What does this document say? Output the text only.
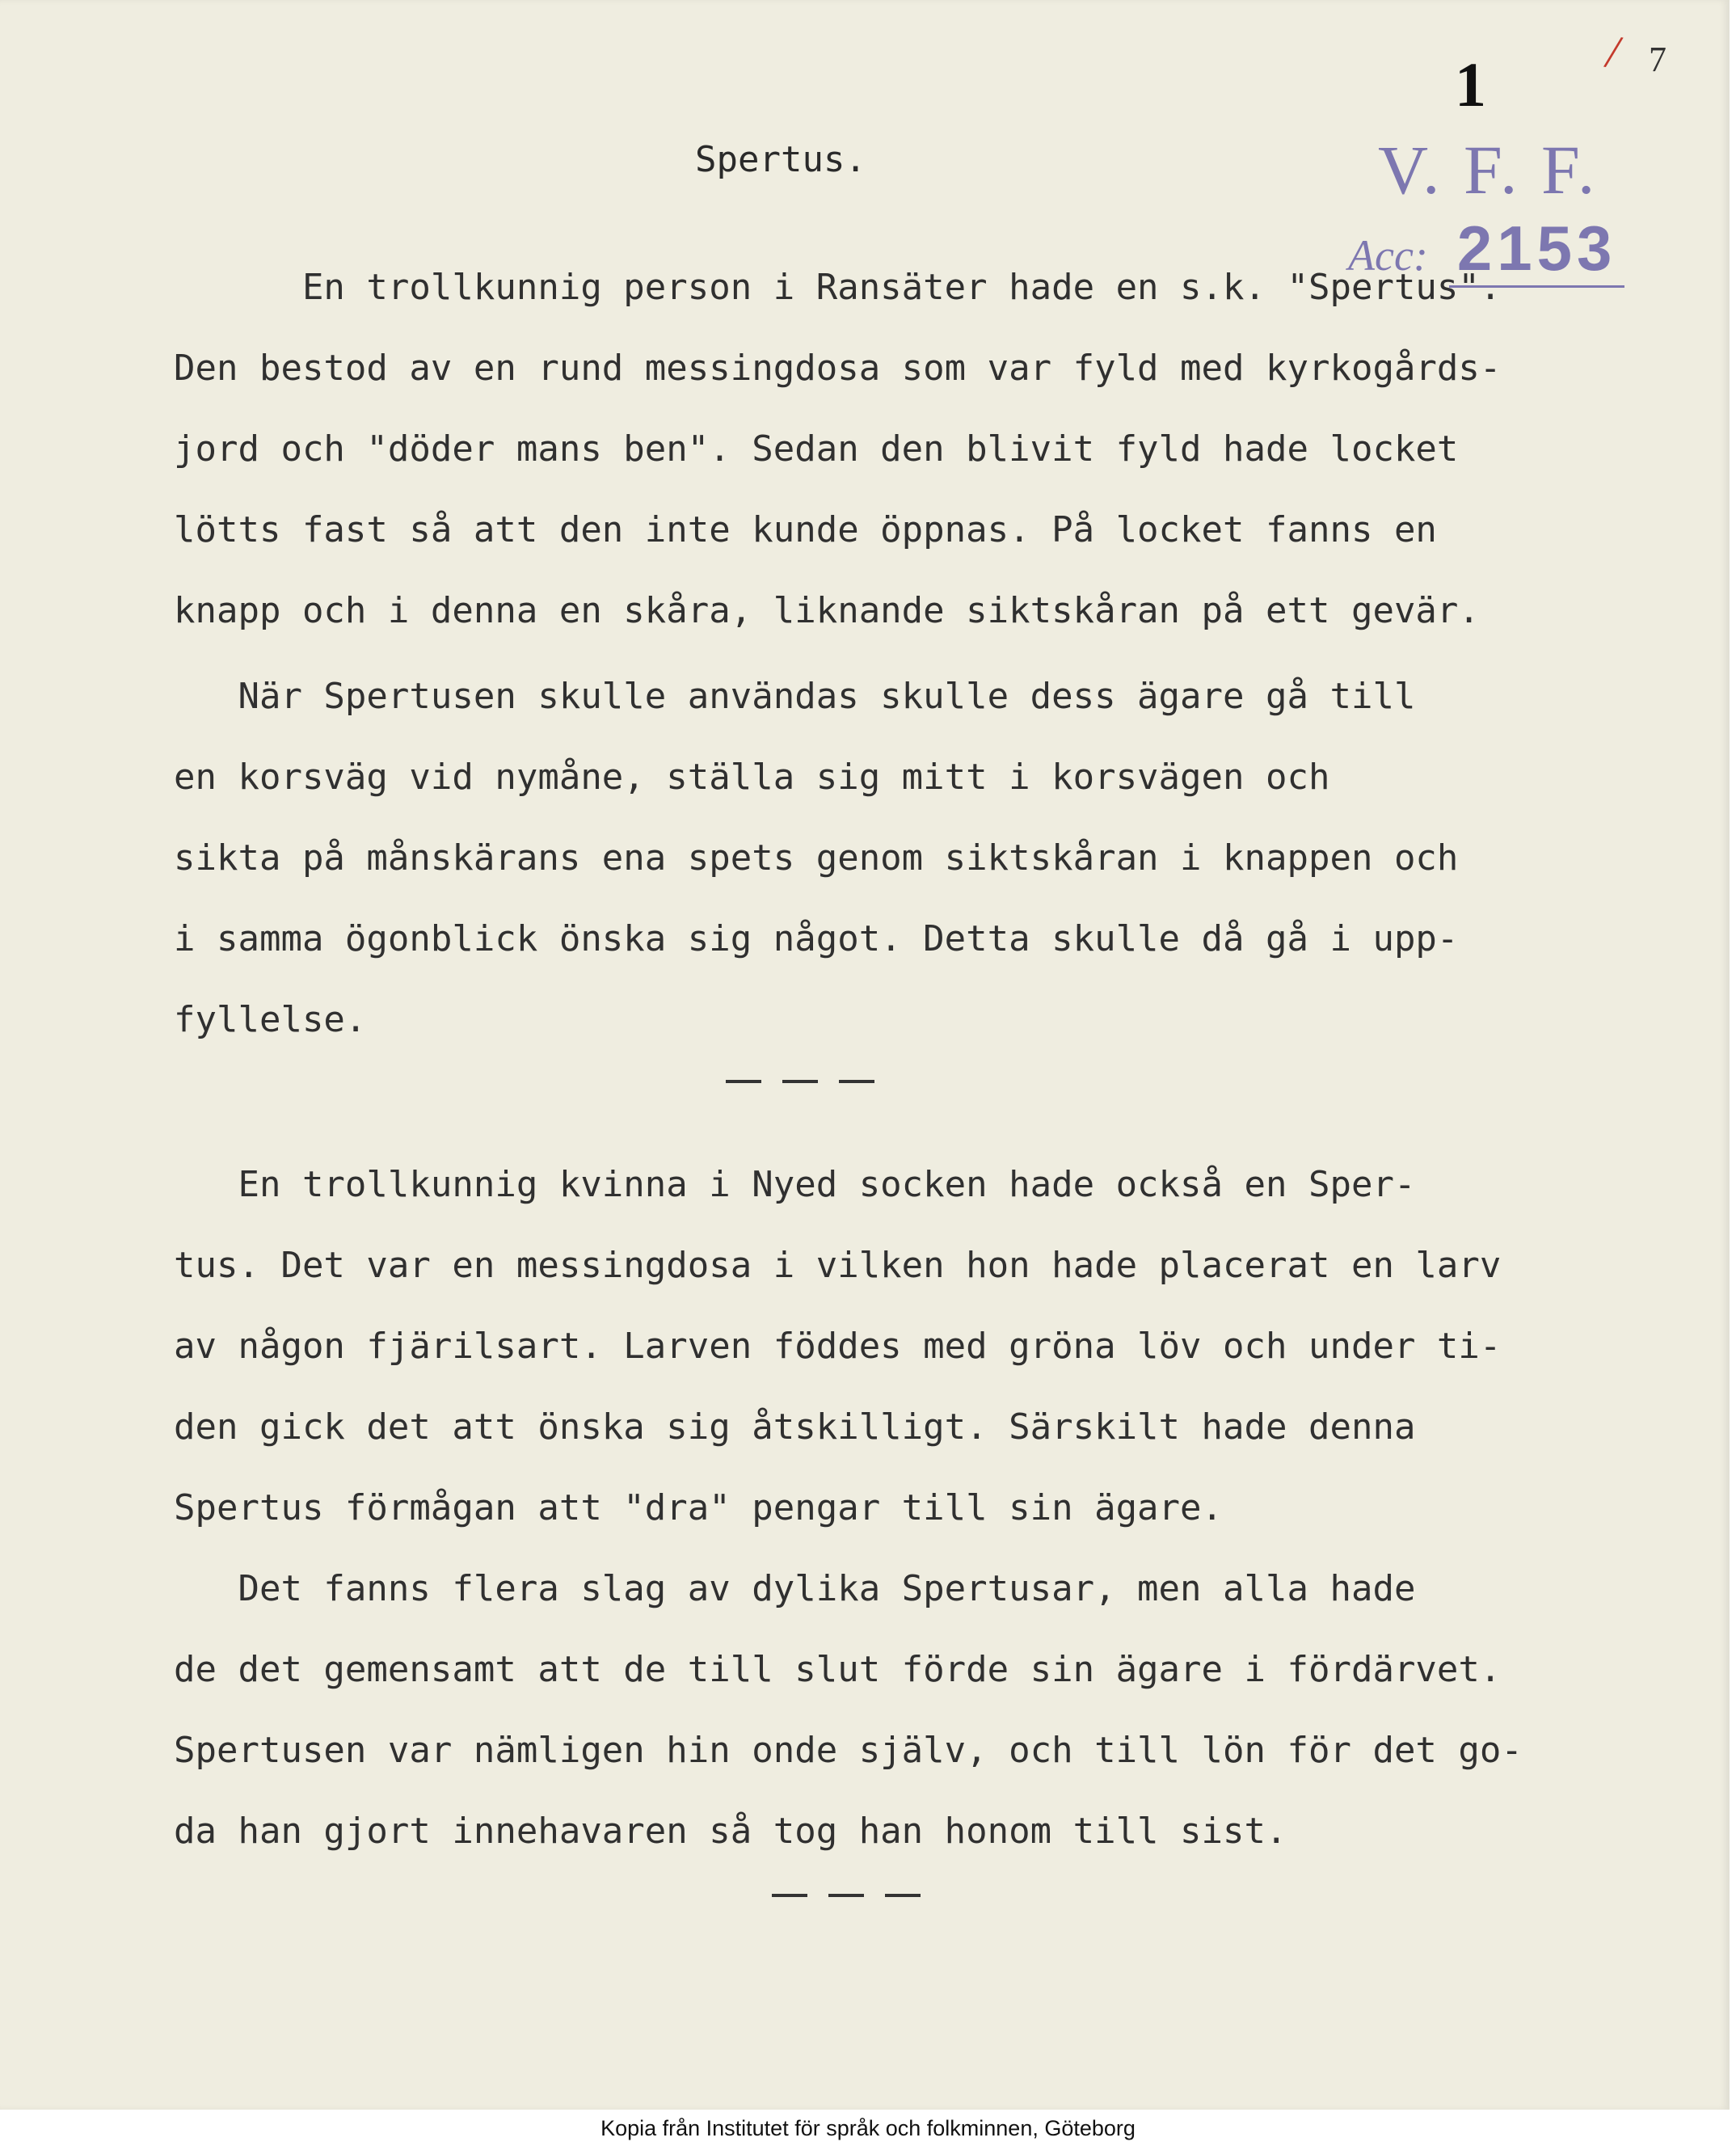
/ 7
1
V. F. F.
Acc: 2153
Spertus.
En trollkunnig person i Ransäter hade en s.k. "Spertus".
Den bestod av en rund messingdosa som var fyld med kyrkogårds-
jord och "döder mans ben". Sedan den blivit fyld hade locket
lötts fast så att den inte kunde öppnas. På locket fanns en
knapp och i denna en skåra, liknande siktskåran på ett gevär.
När Spertusen skulle användas skulle dess ägare gå till
en korsväg vid nymåne, ställa sig mitt i korsvägen och
sikta på månskärans ena spets genom siktskåran i knappen och
i samma ögonblick önska sig något. Detta skulle då gå i upp-
fyllelse.
En trollkunnig kvinna i Nyed socken hade också en Sper-
tus. Det var en messingdosa i vilken hon hade placerat en larv
av någon fjärilsart. Larven föddes med gröna löv och under ti-
den gick det att önska sig åtskilligt. Särskilt hade denna
Spertus förmågan att "dra" pengar till sin ägare.
Det fanns flera slag av dylika Spertusar, men alla hade
de det gemensamt att de till slut förde sin ägare i fördärvet.
Spertusen var nämligen hin onde själv, och till lön för det go-
da han gjort innehavaren så tog han honom till sist.
Kopia från Institutet för språk och folkminnen, Göteborg
